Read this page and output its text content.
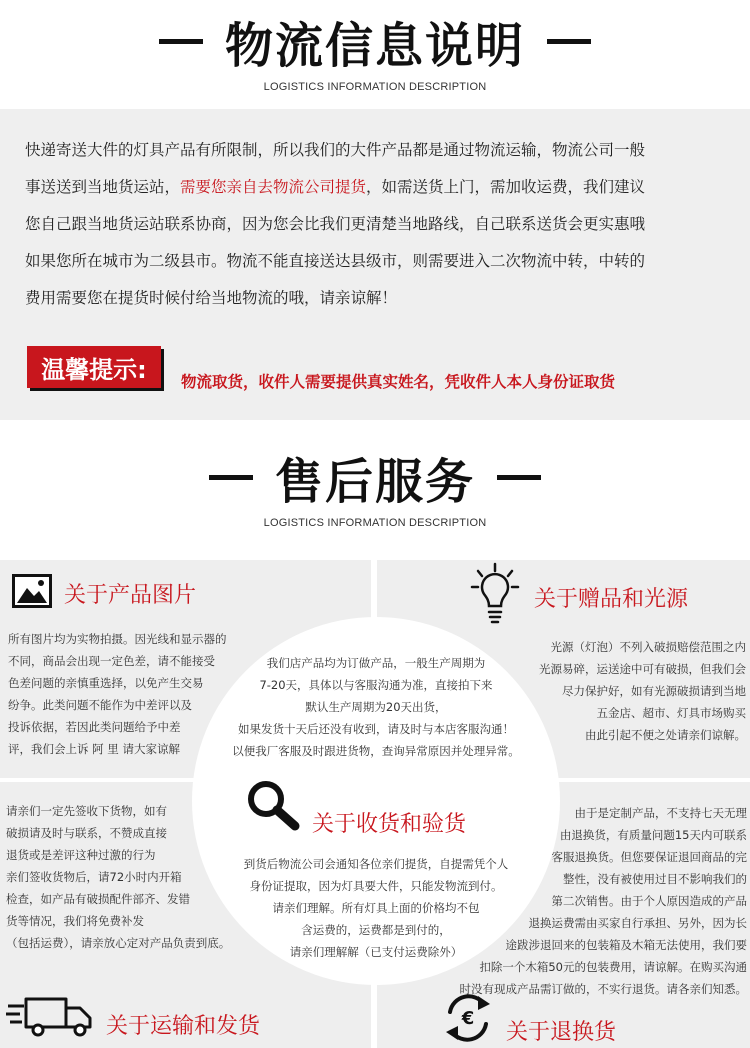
物流信息说明
LOGISTICS INFORMATION DESCRIPTION

快递寄送大件的灯具产品有所限制，所以我们的大件产品都是通过物流运输，物流公司一般

事送送到当地货运站，需要您亲自去物流公司提货，如需送货上门，需加收运费，我们建议

您自己跟当地货运站联系协商，因为您会比我们更清楚当地路线，自己联系送货会更实惠哦

如果您所在城市为二级县市。物流不能直接送达县级市，则需要进入二次物流中转，中转的

费用需要您在提货时候付给当地物流的哦，请亲谅解！

温馨提示:	物流取货，收件人需要提供真实姓名，凭收件人本人身份证取货
售后服务
LOGISTICS INFORMATION DESCRIPTION
关于产品图片

所有图片均为实物拍摄。因光线和显示器的

不同，商品会出现一定色差，请不能接受

色差问题的亲慎重选择，以免产生交易

纷争。此类问题不能作为中差评以及

投诉依据，若因此类问题给予中差

评，我们会上诉 阿 里 请大家谅解

关于赠品和光源

光源（灯泡）不列入破损赔偿范围之内

光源易碎，运送途中可有破损，但我们会

尽力保护好，如有光源破损请到当地

五金店、超市、灯具市场购买

由此引起不便之处请亲们谅解。

我们店产品均为订做产品，一般生产周期为

7-20天，具体以与客服沟通为准，直接拍下来

默认生产周期为20天出货，

如果发货十天后还没有收到，请及时与本店客服沟通！

以便我厂客服及时跟进货物，查询异常原因并处理异常。

关于收货和验货

到货后物流公司会通知各位亲们提货，自提需凭个人

身份证提取，因为灯具要大件，只能发物流到付。

请亲们理解。所有灯具上面的价格均不包

含运费的，运费都是到付的，

请亲们理解解（已支付运费除外）

请亲们一定先签收下货物，如有

破损请及时与联系，不赞成直接

退货或是差评这种过激的行为

亲们签收货物后，请72小时内开箱

检查，如产品有破损配件部齐、发错

货等情况，我们将免费补发

（包括运费），请亲放心定对产品负责到底。

由于是定制产品，不支持七天无理

由退换货，有质量问题15天内可联系

客服退换货。但您要保证退回商品的完

整性，没有被使用过目不影响我们的

第二次销售。由于个人原因造成的产品

退换运费需由买家自行承担、另外，因为长

途跋涉退回来的包装箱及木箱无法使用，我们要

扣除一个木箱50元的包装费用，请谅解。在购买沟通

时没有现成产品需订做的，不实行退货。请各亲们知悉。

关于运输和发货	€
关于退换货
